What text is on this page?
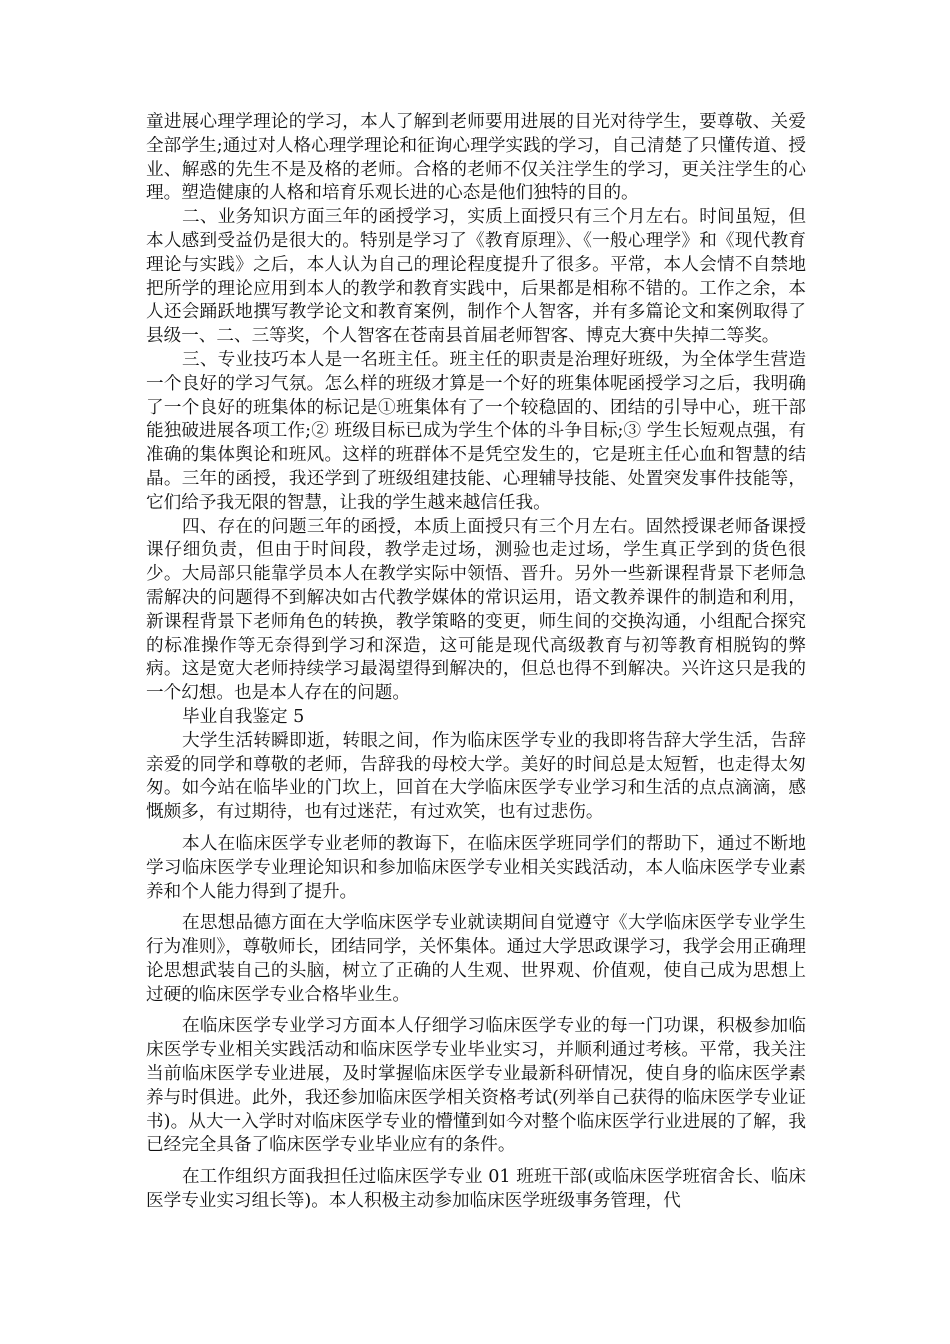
童进展心理学理论的学习，本人了解到老师要用进展的目光对待学生，要尊敬、关爱全部学生;通过对人格心理学理论和征询心理学实践的学习，自己清楚了只懂传道、授业、解惑的先生不是及格的老师。合格的老师不仅关注学生的学习，更关注学生的心理。塑造健康的人格和培育乐观长进的心态是他们独特的目的。

二、业务知识方面三年的函授学习，实质上面授只有三个月左右。时间虽短，但本人感到受益仍是很大的。特别是学习了《教育原理》、《一般心理学》和《现代教育理论与实践》之后，本人认为自己的理论程度提升了很多。平常，本人会情不自禁地把所学的理论应用到本人的教学和教育实践中，后果都是相称不错的。工作之余，本人还会踊跃地撰写教学论文和教育案例，制作个人智客，并有多篇论文和案例取得了县级一、二、三等奖，个人智客在苍南县首届老师智客、博克大赛中失掉二等奖。

三、专业技巧本人是一名班主任。班主任的职责是治理好班级，为全体学生营造一个良好的学习气氛。怎么样的班级才算是一个好的班集体呢函授学习之后，我明确了一个良好的班集体的标记是①班集体有了一个较稳固的、团结的引导中心，班干部能独破进展各项工作;② 班级目标已成为学生个体的斗争目标;③ 学生长短观点强，有准确的集体舆论和班风。这样的班群体不是凭空发生的，它是班主任心血和智慧的结晶。三年的函授，我还学到了班级组建技能、心理辅导技能、处置突发事件技能等，它们给予我无限的智慧，让我的学生越来越信任我。

四、存在的问题三年的函授，本质上面授只有三个月左右。固然授课老师备课授课仔细负责，但由于时间段，教学走过场，测验也走过场，学生真正学到的货色很少。大局部只能靠学员本人在教学实际中领悟、晋升。另外一些新课程背景下老师急需解决的问题得不到解决如古代教学媒体的常识运用，语文教养课件的制造和利用，新课程背景下老师角色的转换，教学策略的变更，师生间的交换沟通，小组配合探究的标准操作等无奈得到学习和深造，这可能是现代高级教育与初等教育相脱钩的弊病。这是宽大老师持续学习最渴望得到解决的，但总也得不到解决。兴许这只是我的一个幻想。也是本人存在的问题。

毕业自我鉴定 5

大学生活转瞬即逝，转眼之间，作为临床医学专业的我即将告辞大学生活，告辞亲爱的同学和尊敬的老师，告辞我的母校大学。美好的时间总是太短暂，也走得太匆匆。如今站在临毕业的门坎上，回首在大学临床医学专业学习和生活的点点滴滴，感慨颇多，有过期待，也有过迷茫，有过欢笑，也有过悲伤。

本人在临床医学专业老师的教诲下，在临床医学班同学们的帮助下，通过不断地学习临床医学专业理论知识和参加临床医学专业相关实践活动，本人临床医学专业素养和个人能力得到了提升。

在思想品德方面在大学临床医学专业就读期间自觉遵守《大学临床医学专业学生行为准则》，尊敬师长，团结同学，关怀集体。通过大学思政课学习，我学会用正确理论思想武装自己的头脑，树立了正确的人生观、世界观、价值观，使自己成为思想上过硬的临床医学专业合格毕业生。

在临床医学专业学习方面本人仔细学习临床医学专业的每一门功课，积极参加临床医学专业相关实践活动和临床医学专业毕业实习，并顺利通过考核。平常，我关注当前临床医学专业进展，及时掌握临床医学专业最新科研情况，使自身的临床医学素养与时俱进。此外，我还参加临床医学相关资格考试(列举自己获得的临床医学专业证书)。从大一入学时对临床医学专业的懵懂到如今对整个临床医学行业进展的了解，我已经完全具备了临床医学专业毕业应有的条件。

在工作组织方面我担任过临床医学专业 01 班班干部(或临床医学班宿舍长、临床医学专业实习组长等)。本人积极主动参加临床医学班级事务管理，代
